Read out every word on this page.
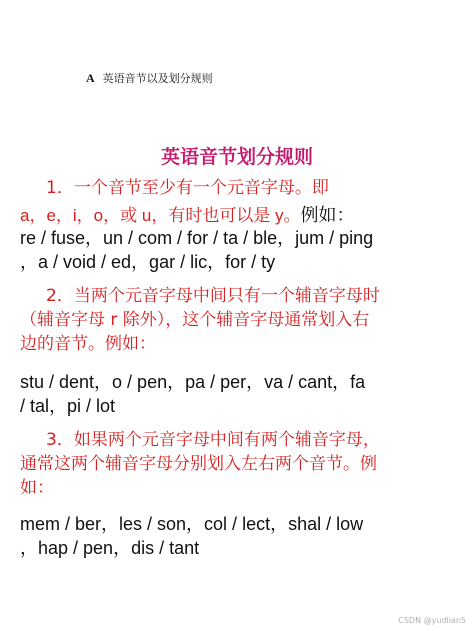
A 英语音节以及划分规则
英语音节划分规则
1．一个音节至少有一个元音字母。即
a，e，i，o，或 u，有时也可以是 y。例如：
re / fuse，un / com / for / ta / ble，jum / ping
，a / void / ed，gar / lic，for / ty
2．当两个元音字母中间只有一个辅音字母时
（辅音字母 r 除外），这个辅音字母通常划入右
边的音节。例如：
stu / dent，o / pen，pa / per，va / cant，fa
/ tal，pi / lot
3．如果两个元音字母中间有两个辅音字母，
通常这两个辅音字母分别划入左右两个音节。例
如：
mem / ber，les / son，col / lect，shal / low
，hap / pen，dis / tant
CSDN @yudlian5
